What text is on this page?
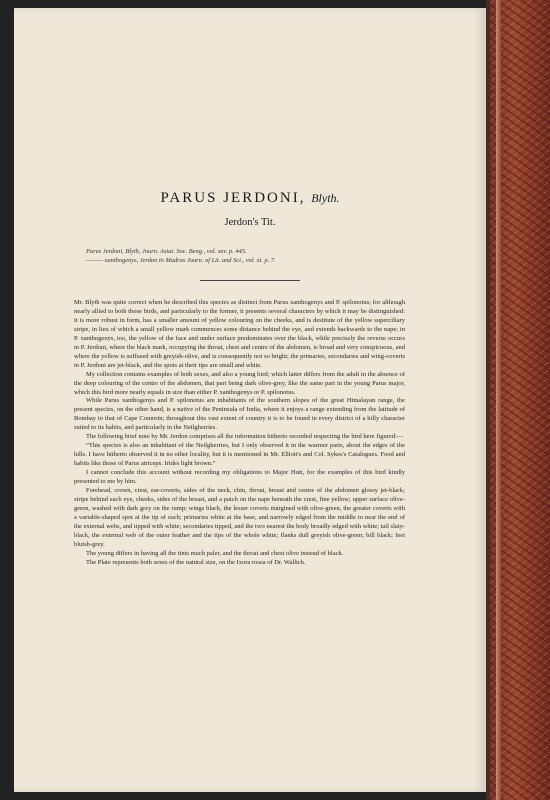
PARUS JERDONI, Blyth.
Jerdon's Tit.
Parus Jerdoni, Blyth, Journ. Asiat. Soc. Beng., vol. xxv. p. 445.
——— xanthogenys, Jerdon in Madras Journ. of Lit. and Sci., vol. xi. p. 7.

Mr. Blyth was quite correct when he described this species as distinct from Parus xanthogenys and P. spilonotus; for although nearly allied to both those birds, and particularly to the former, it presents several characters by which it may be distinguished: it is more robust in form, has a smaller amount of yellow colouring on the cheeks, and is destitute of the yellow superciliary stripe, in lieu of which a small yellow mark commences some distance behind the eye, and extends backwards to the nape; in P. xanthogenys, too, the yellow of the face and under surface predominates over the black, while precisely the reverse occurs in P. Jerdoni, where the black mark, occupying the throat, chest and centre of the abdomen, is broad and very conspicuous, and where the yellow is suffused with greyish-olive, and is consequently not so bright; the primaries, secondaries and wing-coverts in P. Jerdoni are jet-black, and the spots at their tips are small and white.

My collection contains examples of both sexes, and also a young bird; which latter differs from the adult in the absence of the deep colouring of the centre of the abdomen, that part being dark olive-grey, like the same part in the young Parus major, which this bird more nearly equals in size than either P. xanthogenys or P. spilonotus.

While Parus xanthogenys and P. spilonotus are inhabitants of the southern slopes of the great Himalayan range, the present species, on the other hand, is a native of the Peninsula of India, where it enjoys a range extending from the latitude of Bombay to that of Cape Comorin; throughout this vast extent of country it is to be found in every district of a hilly character suited to its habits, and particularly in the Neilgherries.

The following brief note by Mr. Jerdon comprises all the information hitherto recorded respecting the bird here figured:—

“This species is also an inhabitant of the Neilgherries, but I only observed it in the warmer parts, about the edges of the hills. I have hitherto observed it in no other locality, but it is mentioned in Mr. Elliott's and Col. Sykes's Catalogues. Food and habits like those of Parus atriceps. Irides light brown.”

I cannot conclude this account without recording my obligations to Major Hutt, for the examples of this bird kindly presented to me by him.

Forehead, crown, crest, ear-coverts, sides of the neck, chin, throat, breast and centre of the abdomen glossy jet-black; stripe behind each eye, cheeks, sides of the breast, and a patch on the nape beneath the crest, fine yellow; upper surface olive-green, washed with dark grey on the rump; wings black, the lesser coverts margined with olive-green, the greater coverts with a variable-shaped spot at the tip of each; primaries white at the base, and narrowly edged from the middle to near the end of the external webs, and tipped with white; secondaries tipped, and the two nearest the body broadly edged with white; tail slaty-black, the external web of the outer feather and the tips of the whole white; flanks dull greyish olive-green; bill black; feet bluish-grey.

The young differs in having all the tints much paler, and the throat and chest olive instead of black.

The Plate represents both sexes of the natural size, on the Ixora rosea of Dr. Wallich.
